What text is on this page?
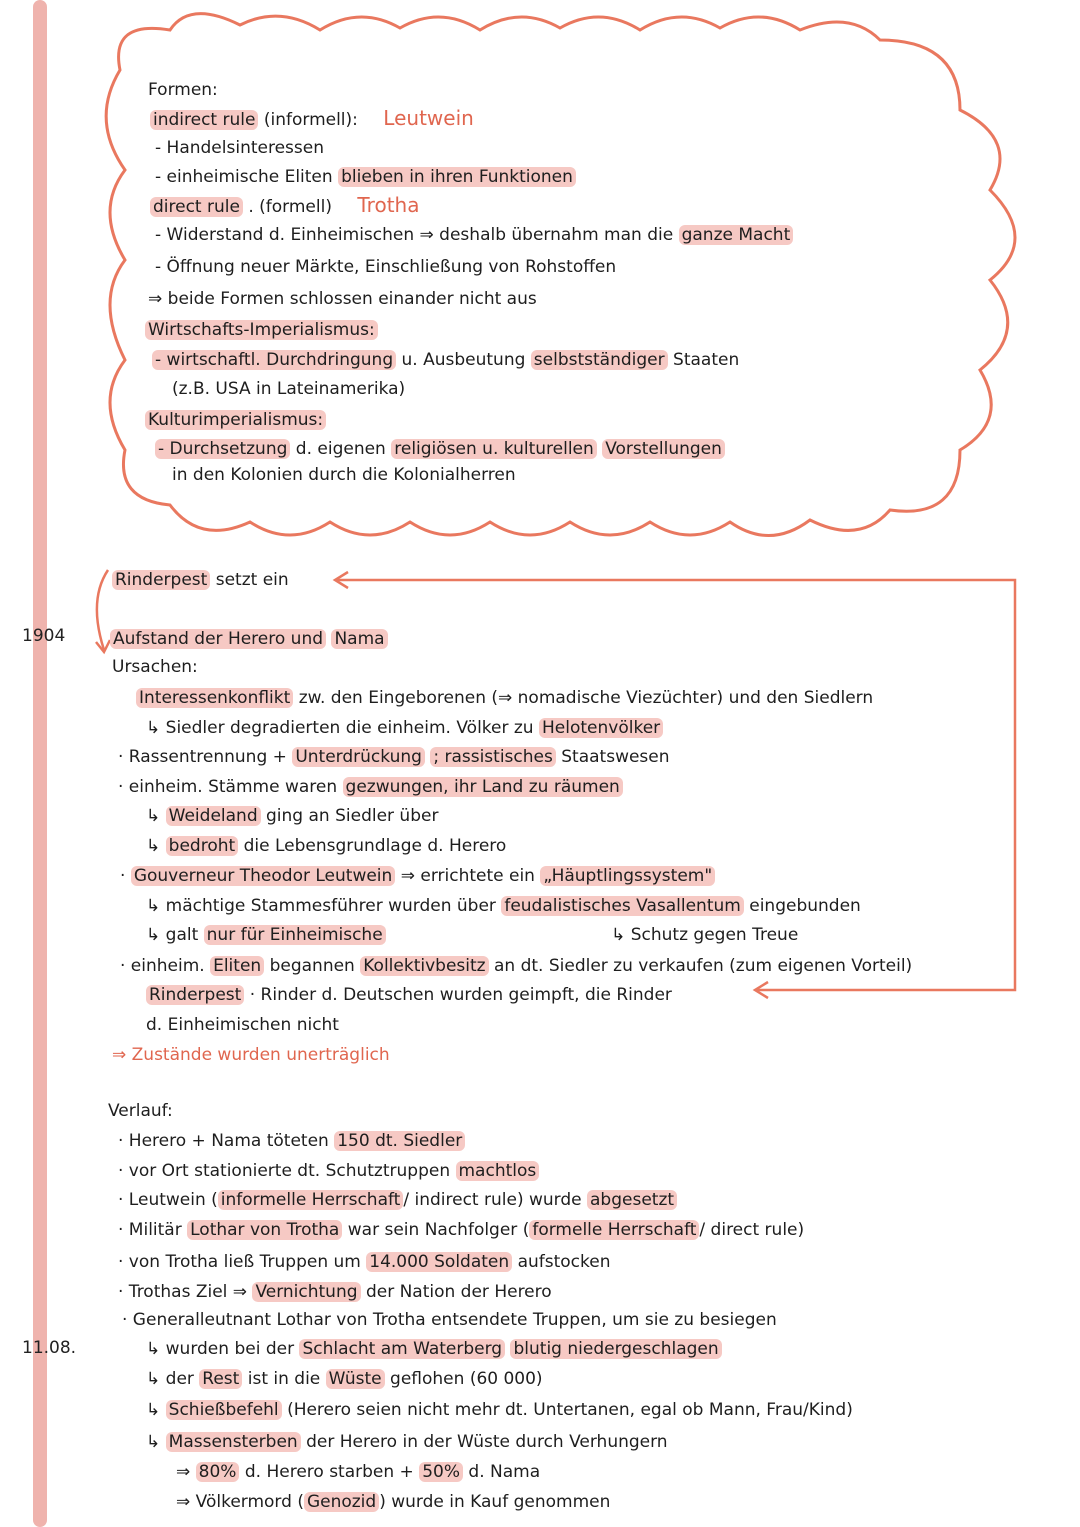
1904
11.08.
Formen:
indirect rule (informell): Leutwein
- Handelsinteressen
- einheimische Eliten blieben in ihren Funktionen
direct rule . (formell) Trotha
- Widerstand d. Einheimischen ⇒ deshalb übernahm man die ganze Macht
- Öffnung neuer Märkte, Einschließung von Rohstoffen
⇒ beide Formen schlossen einander nicht aus
Wirtschafts-Imperialismus:
- wirtschaftl. Durchdringung u. Ausbeutung selbstständiger Staaten
(z.B. USA in Lateinamerika)
Kulturimperialismus:
- Durchsetzung d. eigenen religiösen u. kulturellen Vorstellungen
in den Kolonien durch die Kolonialherren
Rinderpest setzt ein
Aufstand der Herero und Nama
Ursachen:
Interessenkonflikt zw. den Eingeborenen (⇒ nomadische Viezüchter) und den Siedlern
↳ Siedler degradierten die einheim. Völker zu Helotenvölker
· Rassentrennung + Unterdrückung ; rassistisches Staatswesen
· einheim. Stämme waren gezwungen, ihr Land zu räumen
↳ Weideland ging an Siedler über
↳ bedroht die Lebensgrundlage d. Herero
· Gouverneur Theodor Leutwein ⇒ errichtete ein „Häuptlingssystem"
↳ mächtige Stammesführer wurden über feudalistisches Vasallentum eingebunden
↳ galt nur für Einheimische	↳ Schutz gegen Treue
· einheim. Eliten begannen Kollektivbesitz an dt. Siedler zu verkaufen (zum eigenen Vorteil)
Rinderpest · Rinder d. Deutschen wurden geimpft, die Rinder
d. Einheimischen nicht
⇒ Zustände wurden unerträglich
Verlauf:
· Herero + Nama töteten 150 dt. Siedler
· vor Ort stationierte dt. Schutztruppen machtlos
· Leutwein ( informelle Herrschaft / indirect rule) wurde abgesetzt
· Militär Lothar von Trotha war sein Nachfolger ( formelle Herrschaft / direct rule)
· von Trotha ließ Truppen um 14.000 Soldaten aufstocken
· Trothas Ziel ⇒ Vernichtung der Nation der Herero
· Generalleutnant Lothar von Trotha entsendete Truppen, um sie zu besiegen
↳ wurden bei der Schlacht am Waterberg blutig niedergeschlagen
↳ der Rest ist in die Wüste geflohen (60 000)
↳ Schießbefehl (Herero seien nicht mehr dt. Untertanen, egal ob Mann, Frau/Kind)
↳ Massensterben der Herero in der Wüste durch Verhungern
⇒ 80% d. Herero starben + 50% d. Nama
⇒ Völkermord ( Genozid ) wurde in Kauf genommen
